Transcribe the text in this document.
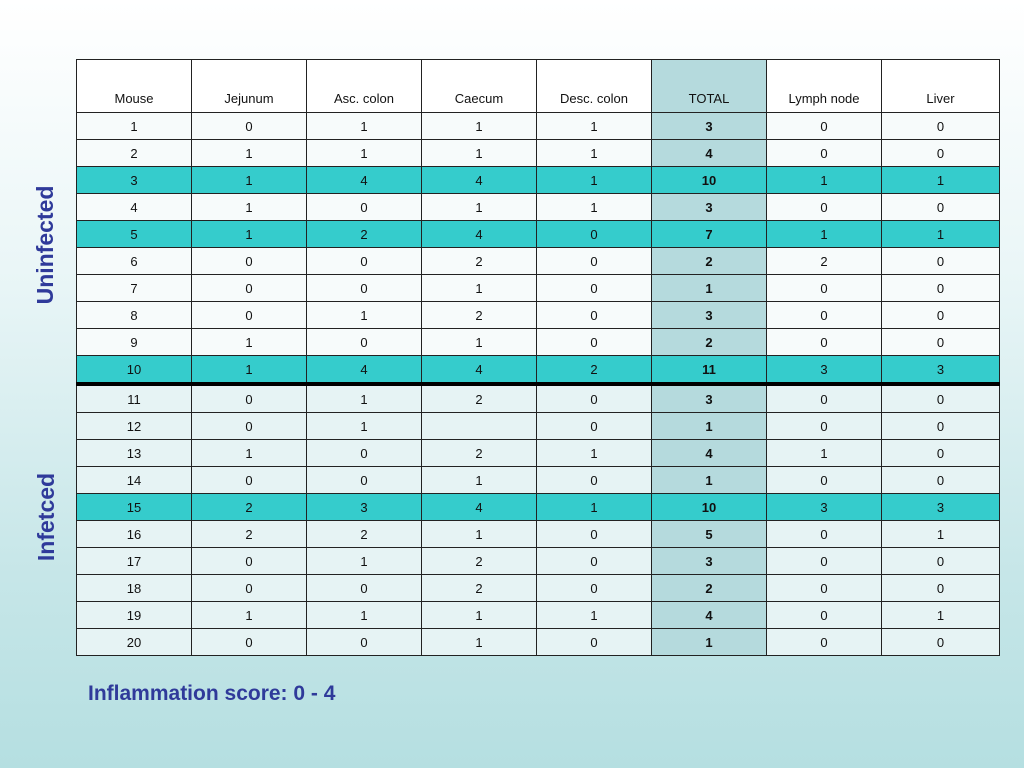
Uninfected
Infetced
Mouse	Jejunum	Asc. colon	Caecum	Desc. colon	TOTAL	Lymph node	Liver
1	0	1	1	1	3	0	0
2	1	1	1	1	4	0	0
3	1	4	4	1	10	1	1
4	1	0	1	1	3	0	0
5	1	2	4	0	7	1	1
6	0	0	2	0	2	2	0
7	0	0	1	0	1	0	0
8	0	1	2	0	3	0	0
9	1	0	1	0	2	0	0
10	1	4	4	2	11	3	3
11	0	1	2	0	3	0	0
12	0	1		0	1	0	0
13	1	0	2	1	4	1	0
14	0	0	1	0	1	0	0
15	2	3	4	1	10	3	3
16	2	2	1	0	5	0	1
17	0	1	2	0	3	0	0
18	0	0	2	0	2	0	0
19	1	1	1	1	4	0	1
20	0	0	1	0	1	0	0
Inflammation score: 0 - 4
